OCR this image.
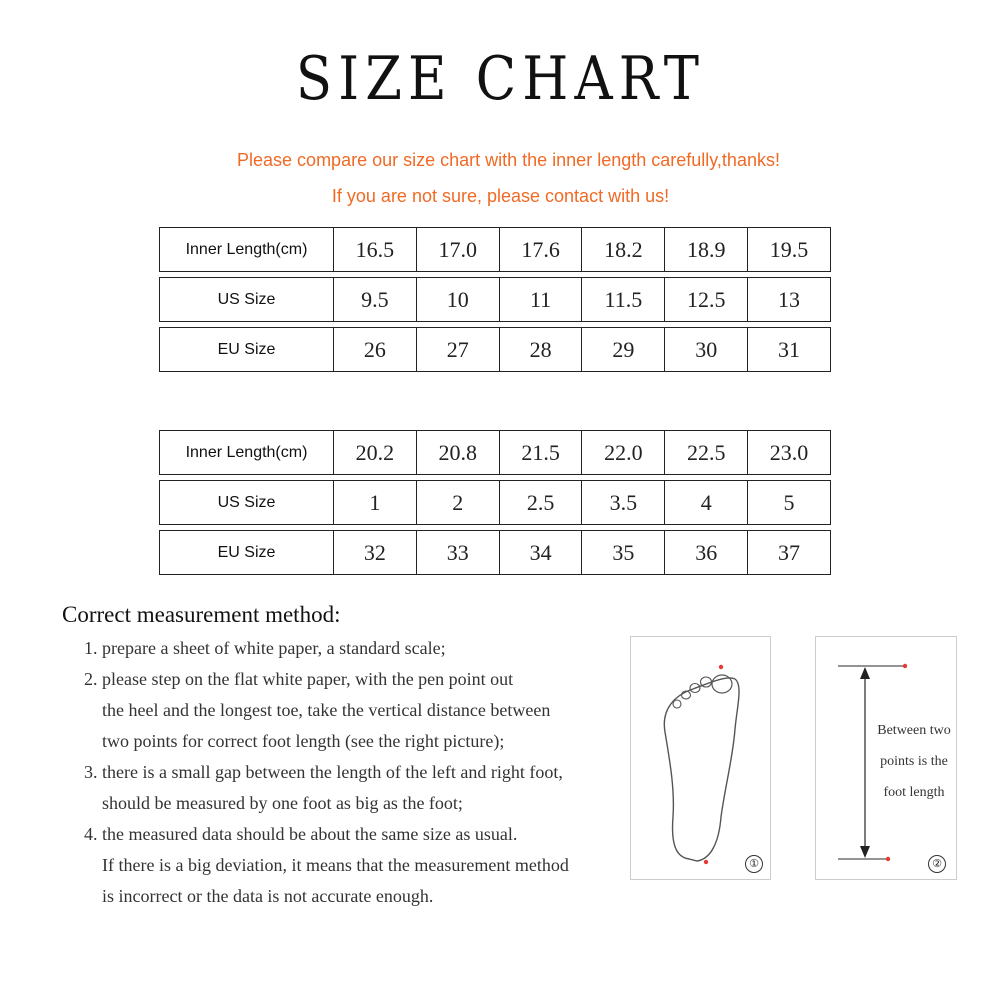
SIZE CHART
Please compare our size chart with the inner length carefully,thanks!
If you are not sure, please contact with us!
Inner Length(cm)	16.5	17.0	17.6	18.2	18.9	19.5
US Size	9.5	10	11	11.5	12.5	13
EU Size	26	27	28	29	30	31
Inner Length(cm)	20.2	20.8	21.5	22.0	22.5	23.0
US Size	1	2	2.5	3.5	4	5
EU Size	32	33	34	35	36	37
Correct measurement method:
1. prepare a sheet of white paper, a standard scale;
2. please step on the flat white paper, with the pen point out
the heel and the longest toe, take the vertical distance between
two points for correct foot length (see the right picture);
3. there is a small gap between the length of the left and right foot,
should be measured by one foot as big as the foot;
4. the measured data should be about the same size as usual.
If there is a big deviation, it means that the measurement method
is incorrect or the data is not accurate enough.
①
Between two
points is the
foot length
②
